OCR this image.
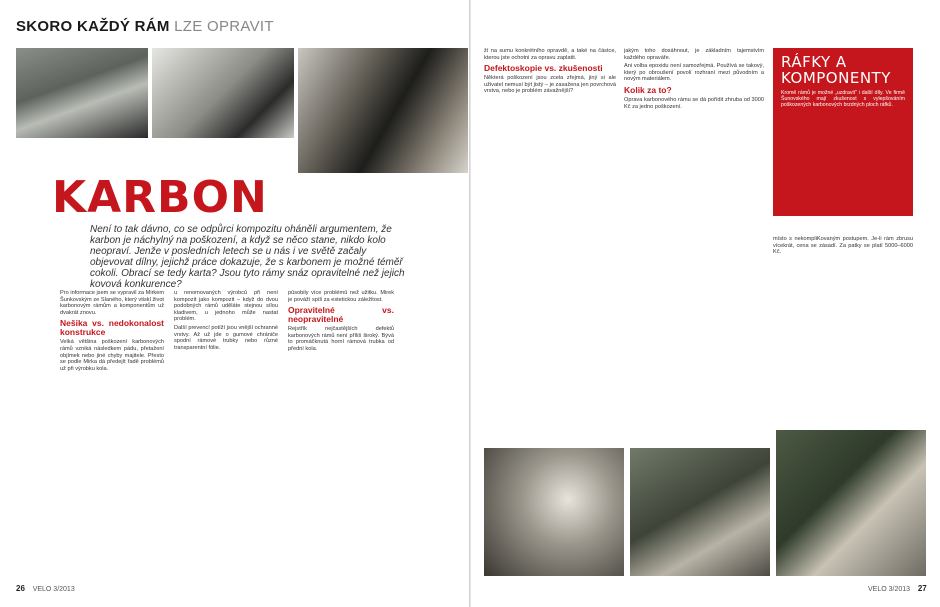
SKORO KAŽDÝ RÁM LZE OPRAVIT
KARBON
Není to tak dávno, co se odpůrci kompozitu oháněli argumentem, že karbon je náchylný na poškození, a když se něco stane, nikdo kolo neopraví. Jenže v posledních letech se u nás i ve světě začaly objevovat dílny, jejichž práce dokazuje, že s karbonem je možné téměř cokoli. Obrací se tedy karta? Jsou tyto rámy snáz opravitelné než jejich kovová konkurence?

Pro informace jsem se vypravil za Mirkem Šunkovským ze Slaného, který vtiskl život karbonovým rámům a komponentům už dvakrát znovu.

Nešika vs. nedokonalost konstrukce

Velká většina poškození karbonových rámů vzniká následkem pádu, přetažení objímek nebo jiné chyby majitele. Přesto se podle Mirka dá předejít řadě problémů už při výrobku kola.

u renomovaných výrobců při není kompozit jako kompozit – když do dvou podobných rámů uděláte stejnou sílou kladivem, u jednoho může nastat problém.

Další prevencí potíží jsou vnější ochranné vrstvy. Až už jde o gumové chrániče spodní rámové trubky nebo různé transparentní fólie.

působily více problémů než užitku. Mirek je pováží spíš za estetickou záležitost.

Opravitelné vs. neopravitelné

Rejstřík nejčastějších defektů karbonových rámů není příliš široký. Bývá to promáčknutá horní rámová trubka od přední kola.

ží na sumu konkrétního opravdě, a také na částce, kterou jste ochotni za opravu zaplatit.

Defektoskopie vs. zkušenosti

Některá poškození jsou zcela zřejmá, jiný si ale uživatel nemusí být jistý – je zasažena jen povrchová vrstva, nebo je problém závažnější?

jakým toho dosáhnout, je základním tajemstvím každého opraváře.

Ani volba epoxidu není samozřejmá. Používá se takový, který po obroušení povolí rozhraní mezi původním a novým materiálem.

Kolik za to?

Oprava karbonového rámu se dá pořídit zhruba od 3000 Kč za jedno poškození.

místo s nekompliKovaným postupem. Je-li rám zbrusu vícekrát, cena se zásadí. Za patky se platí 5000–6000 Kč.

RÁFKY A KOMPONENTY

Kromě rámů je možné „uzdravit" i další díly. Ve firmě Šunovského mají zkušenost s vylepšováním poškozených karbonových brzdných ploch ráfků.

26 VELO 3/2013	VELO 3/2013 27
